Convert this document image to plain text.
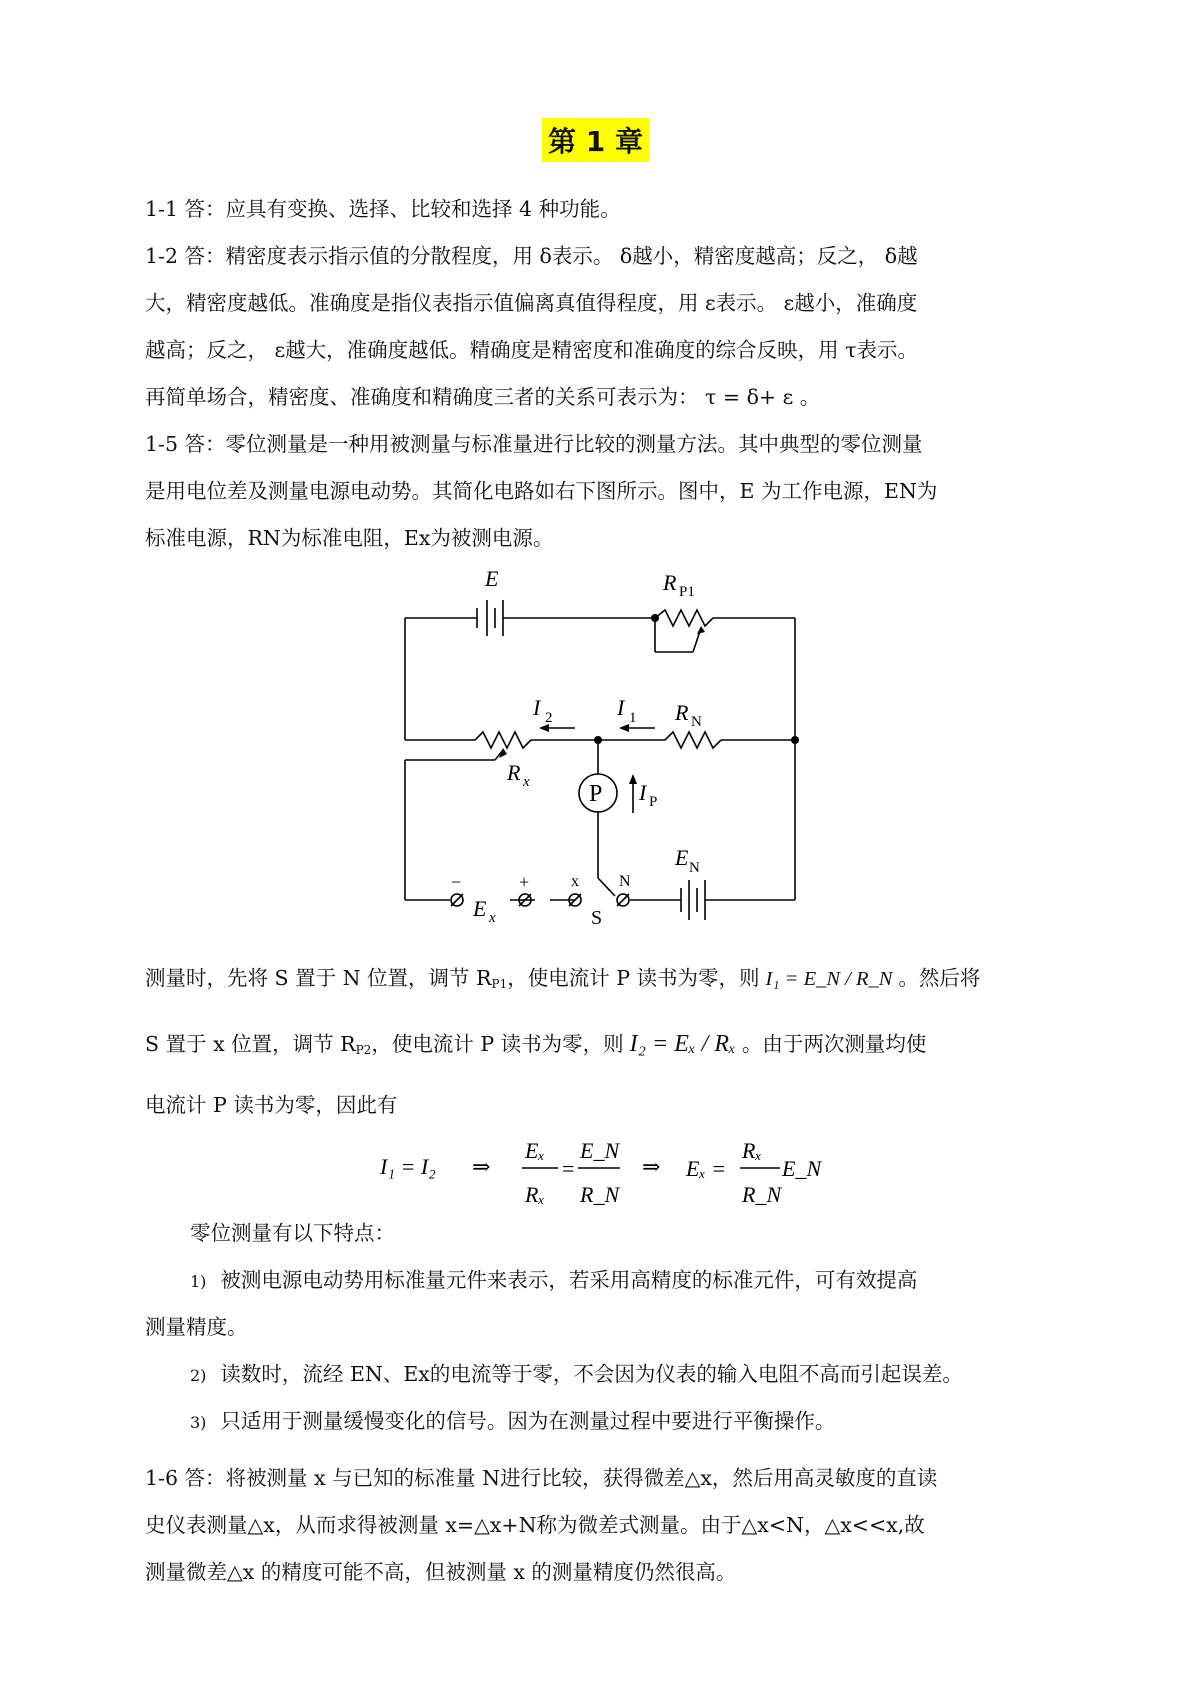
第 1 章
1-1 答：应具有变换、选择、比较和选择 4 种功能。
1-2 答：精密度表示指示值的分散程度，用 δ表示。 δ越小，精密度越高；反之， δ越
大，精密度越低。准确度是指仪表指示值偏离真值得程度，用 ε表示。 ε越小，准确度
越高；反之， ε越大，准确度越低。精确度是精密度和准确度的综合反映，用 τ表示。
再简单场合，精密度、准确度和精确度三者的关系可表示为： τ = δ+ ε 。
1-5 答：零位测量是一种用被测量与标准量进行比较的测量方法。其中典型的零位测量
是用电位差及测量电源电动势。其简化电路如右下图所示。图中，E 为工作电源，EN为
标准电源，RN为标准电阻，Ex为被测电源。
E	R P1
I 2	I 1 R N
R x P I P
E N
E x
−	+	x	N
S
测量时，先将 S 置于 N 位置，调节 $R_{P1}$，使电流计 P 读书为零，则 I₁ = E_N / R_N 。然后将
S 置于 x 位置，调节 $R_{P2}$，使电流计 P 读书为零，则 I₂ = Eₓ / Rₓ 。由于两次测量均使
电流计 P 读书为零，因此有
I₁ = I₂ ⇒
Eₓ
Rₓ
=
E_N
R_N
⇒ Eₓ =
Rₓ
R_N
E_N
零位测量有以下特点：
1) 被测电源电动势用标准量元件来表示，若采用高精度的标准元件，可有效提高
测量精度。
2) 读数时，流经 EN、Ex的电流等于零，不会因为仪表的输入电阻不高而引起误差。
3) 只适用于测量缓慢变化的信号。因为在测量过程中要进行平衡操作。
1-6 答：将被测量 x 与已知的标准量 N进行比较，获得微差△x，然后用高灵敏度的直读
史仪表测量△x，从而求得被测量 x=△x+N称为微差式测量。由于△x<N，△x<<x,故
测量微差△x 的精度可能不高，但被测量 x 的测量精度仍然很高。
